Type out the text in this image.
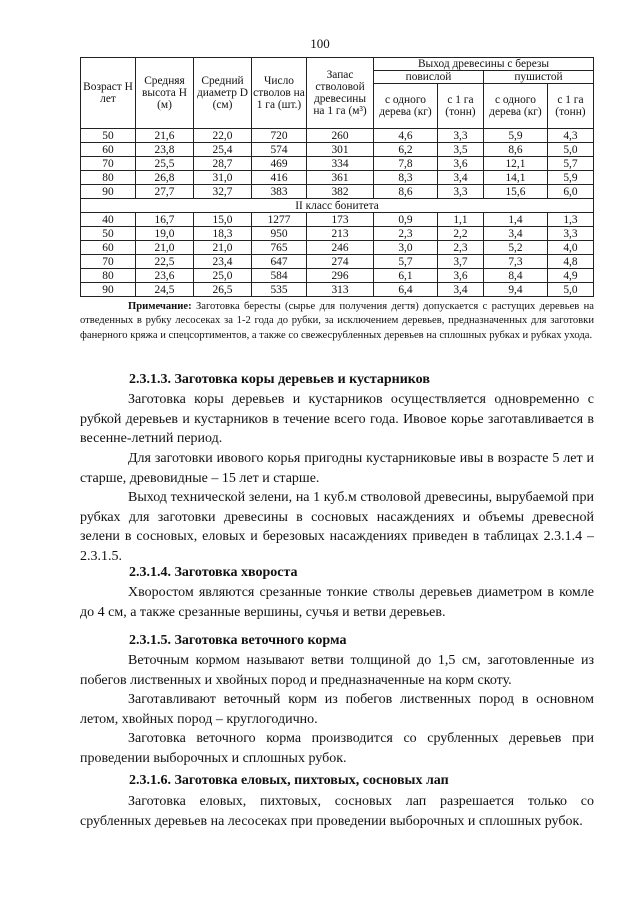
100
Возраст Н лет	Средняя высота Н (м)	Средний диаметр D (см)	Число стволов на 1 га (шт.)	Запас стволовой древесины на 1 га (м³)	Выход древесины с березы			
					повислой		пушистой	
					с одного дерева (кг)	с 1 га (тонн)	с одного дерева (кг)	с 1 га (тонн)
50	21,6	22,0	720	260	4,6	3,3	5,9	4,3
60	23,8	25,4	574	301	6,2	3,5	8,6	5,0
70	25,5	28,7	469	334	7,8	3,6	12,1	5,7
80	26,8	31,0	416	361	8,3	3,4	14,1	5,9
90	27,7	32,7	383	382	8,6	3,3	15,6	6,0
II класс бонитета								
40	16,7	15,0	1277	173	0,9	1,1	1,4	1,3
50	19,0	18,3	950	213	2,3	2,2	3,4	3,3
60	21,0	21,0	765	246	3,0	2,3	5,2	4,0
70	22,5	23,4	647	274	5,7	3,7	7,3	4,8
80	23,6	25,0	584	296	6,1	3,6	8,4	4,9
90	24,5	26,5	535	313	6,4	3,4	9,4	5,0
Примечание: Заготовка бересты (сырье для получения дегтя) допускается с растущих деревьев на отведенных в рубку лесосеках за 1-2 года до рубки, за исключением деревьев, предназначенных для заготовки фанерного кряжа и спецсортиментов, а также со свежесрубленных деревьев на сплошных рубках и рубках ухода.
2.3.1.3. Заготовка коры деревьев и кустарников
Заготовка коры деревьев и кустарников осуществляется одновременно с рубкой деревьев и кустарников в течение всего года. Ивовое корье заготавливается в весенне-летний период.
Для заготовки ивового корья пригодны кустарниковые ивы в возрасте 5 лет и старше, древовидные – 15 лет и старше.
Выход технической зелени, на 1 куб.м стволовой древесины, вырубаемой при рубках для заготовки древесины в сосновых насаждениях и объемы древесной зелени в сосновых, еловых и березовых насаждениях приведен в таблицах 2.3.1.4 – 2.3.1.5.
2.3.1.4. Заготовка хвороста
Хворостом являются срезанные тонкие стволы деревьев диаметром в комле до 4 см, а также срезанные вершины, сучья и ветви деревьев.
2.3.1.5. Заготовка веточного корма
Веточным кормом называют ветви толщиной до 1,5 см, заготовленные из побегов лиственных и хвойных пород и предназначенные на корм скоту.
Заготавливают веточный корм из побегов лиственных пород в основном летом, хвойных пород – круглогодично.
Заготовка веточного корма производится со срубленных деревьев при проведении выборочных и сплошных рубок.
2.3.1.6. Заготовка еловых, пихтовых, сосновых лап
Заготовка еловых, пихтовых, сосновых лап разрешается только со срубленных деревьев на лесосеках при проведении выборочных и сплошных рубок.
